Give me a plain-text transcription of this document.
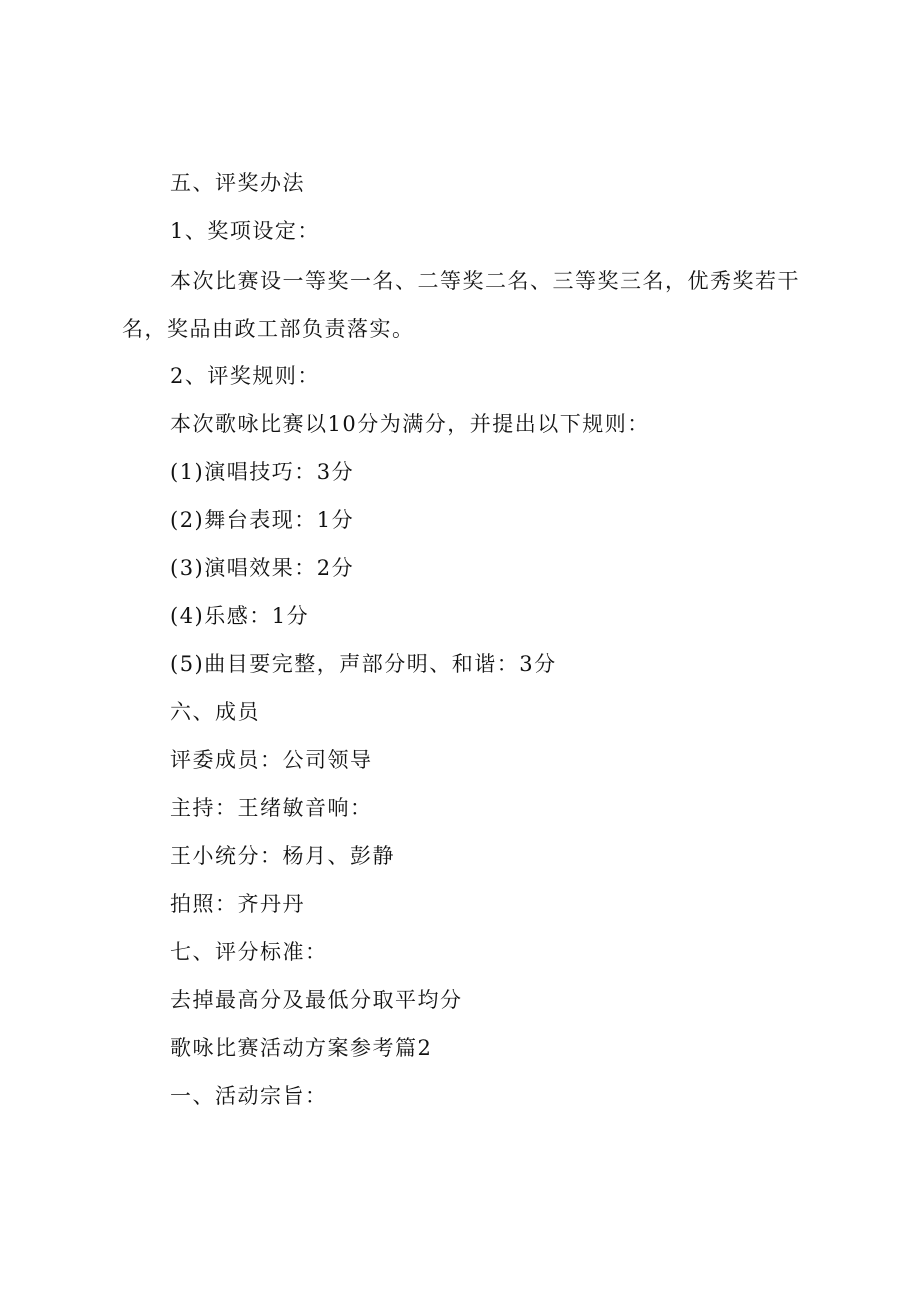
五、评奖办法
1、奖项设定：
本次比赛设一等奖一名、二等奖二名、三等奖三名，优秀奖若干名，奖品由政工部负责落实。
2、评奖规则：
本次歌咏比赛以10分为满分，并提出以下规则：
(1)演唱技巧：3分
(2)舞台表现：1分
(3)演唱效果：2分
(4)乐感：1分
(5)曲目要完整，声部分明、和谐：3分
六、成员
评委成员：公司领导
主持：王绪敏音响：
王小统分：杨月、彭静
拍照：齐丹丹
七、评分标准：
去掉最高分及最低分取平均分
歌咏比赛活动方案参考篇2
一、活动宗旨：
